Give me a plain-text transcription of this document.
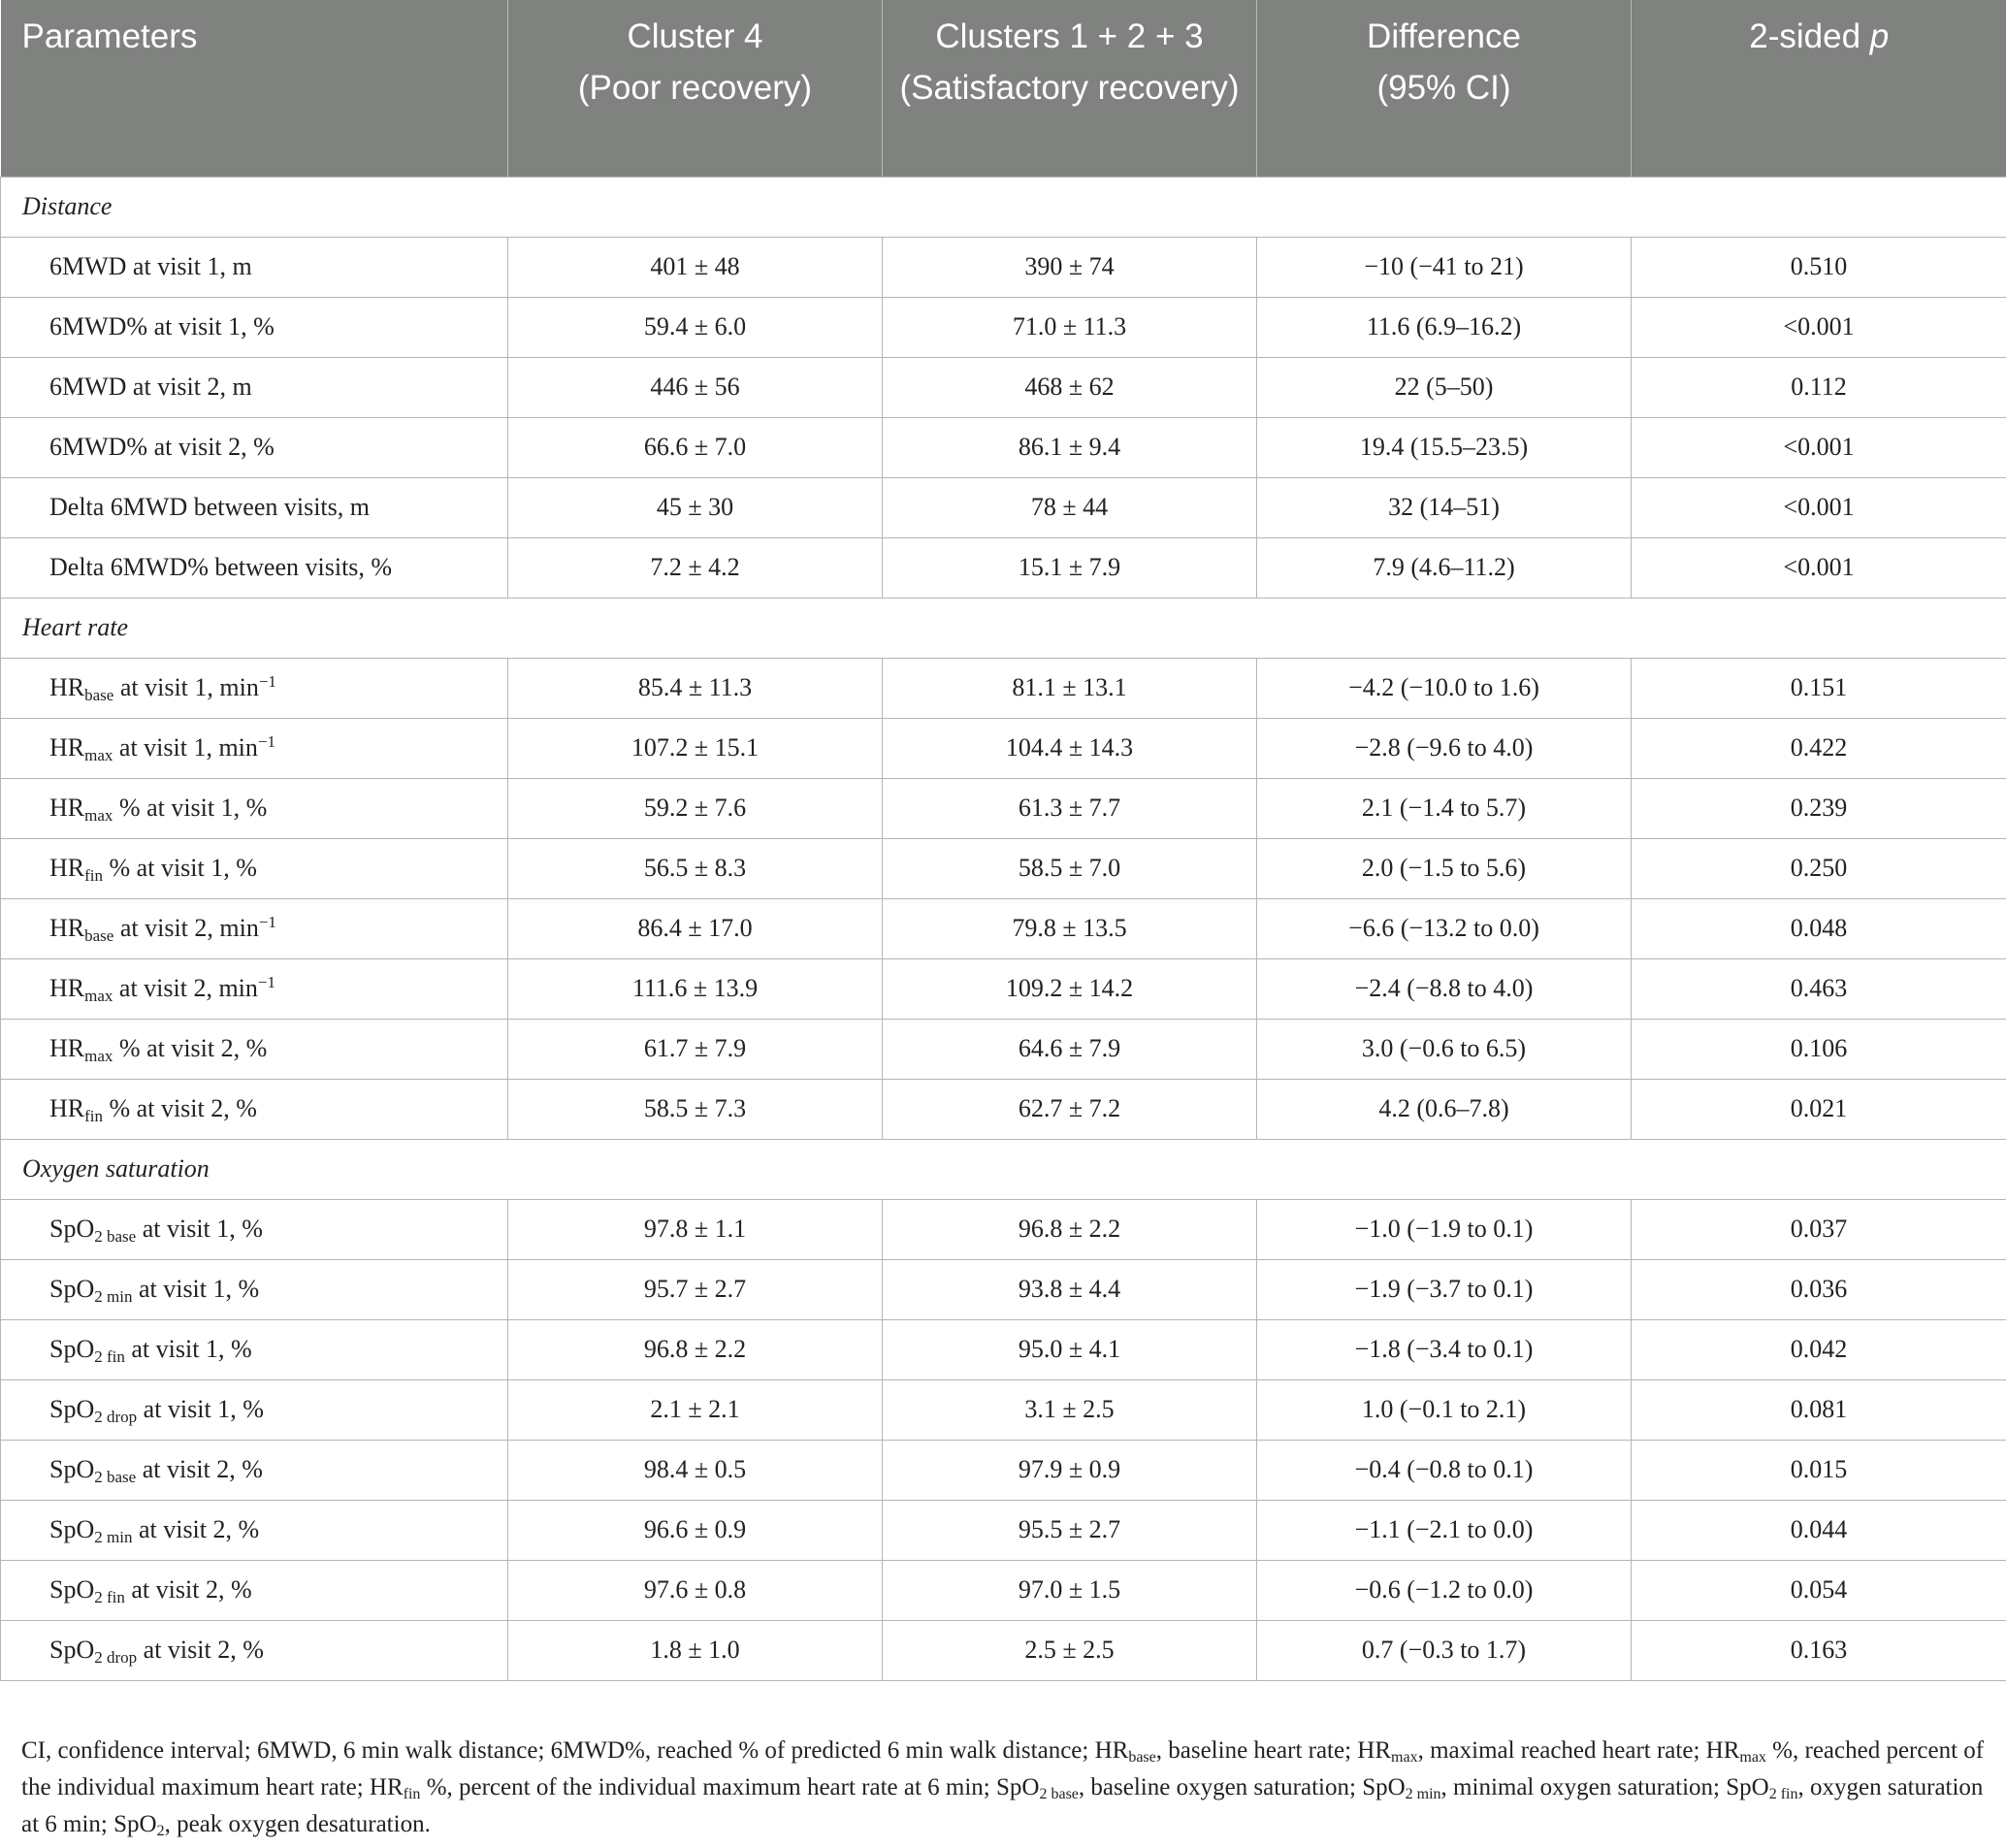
Parameters	Cluster 4	Clusters 1 + 2 + 3	Difference	2-sided p
	(Poor recovery)	(Satisfactory recovery)	(95% CI)	
Distance				
6MWD at visit 1, m	401 ± 48	390 ± 74	−10 (−41 to 21)	0.510
6MWD% at visit 1, %	59.4 ± 6.0	71.0 ± 11.3	11.6 (6.9–16.2)	<0.001
6MWD at visit 2, m	446 ± 56	468 ± 62	22 (5–50)	0.112
6MWD% at visit 2, %	66.6 ± 7.0	86.1 ± 9.4	19.4 (15.5–23.5)	<0.001
Delta 6MWD between visits, m	45 ± 30	78 ± 44	32 (14–51)	<0.001
Delta 6MWD% between visits, %	7.2 ± 4.2	15.1 ± 7.9	7.9 (4.6–11.2)	<0.001
Heart rate				
$HR_{base}$ at visit 1, $\min^{-1}$	85.4 ± 11.3	81.1 ± 13.1	−4.2 (−10.0 to 1.6)	0.151
$HR_{max}$ at visit 1, $\min^{-1}$	107.2 ± 15.1	104.4 ± 14.3	−2.8 (−9.6 to 4.0)	0.422
$HR_{max}$ % at visit 1, %	59.2 ± 7.6	61.3 ± 7.7	2.1 (−1.4 to 5.7)	0.239
$HR_{fin}$ % at visit 1, %	56.5 ± 8.3	58.5 ± 7.0	2.0 (−1.5 to 5.6)	0.250
$HR_{base}$ at visit 2, $\min^{-1}$	86.4 ± 17.0	79.8 ± 13.5	−6.6 (−13.2 to 0.0)	0.048
$HR_{max}$ at visit 2, $\min^{-1}$	111.6 ± 13.9	109.2 ± 14.2	−2.4 (−8.8 to 4.0)	0.463
$HR_{max}$ % at visit 2, %	61.7 ± 7.9	64.6 ± 7.9	3.0 (−0.6 to 6.5)	0.106
$HR_{fin}$ % at visit 2, %	58.5 ± 7.3	62.7 ± 7.2	4.2 (0.6–7.8)	0.021
Oxygen saturation				
SpO$_{2 base}$ at visit 1, %	97.8 ± 1.1	96.8 ± 2.2	−1.0 (−1.9 to 0.1)	0.037
SpO$_{2 min}$ at visit 1, %	95.7 ± 2.7	93.8 ± 4.4	−1.9 (−3.7 to 0.1)	0.036
SpO$_{2 fin}$ at visit 1, %	96.8 ± 2.2	95.0 ± 4.1	−1.8 (−3.4 to 0.1)	0.042
SpO$_{2 drop}$ at visit 1, %	2.1 ± 2.1	3.1 ± 2.5	1.0 (−0.1 to 2.1)	0.081
SpO$_{2 base}$ at visit 2, %	98.4 ± 0.5	97.9 ± 0.9	−0.4 (−0.8 to 0.1)	0.015
SpO$_{2 min}$ at visit 2, %	96.6 ± 0.9	95.5 ± 2.7	−1.1 (−2.1 to 0.0)	0.044
SpO$_{2 fin}$ at visit 2, %	97.6 ± 0.8	97.0 ± 1.5	−0.6 (−1.2 to 0.0)	0.054
SpO$_{2 drop}$ at visit 2, %	1.8 ± 1.0	2.5 ± 2.5	0.7 (−0.3 to 1.7)	0.163
CI, confidence interval; 6MWD, 6 min walk distance; 6MWD%, reached % of predicted 6 min walk distance; $HR_{base}$, baseline heart rate; $HR_{max}$, maximal reached heart rate; $HR_{max}$ %, reached percent of the individual maximum heart rate; $HR_{fin}$ %, percent of the individual maximum heart rate at 6 min; SpO$_{2 base}$, baseline oxygen saturation; SpO$_{2 min}$, minimal oxygen saturation; SpO$_{2 fin}$, oxygen saturation at 6 min; SpO$_2$, peak oxygen desaturation.
